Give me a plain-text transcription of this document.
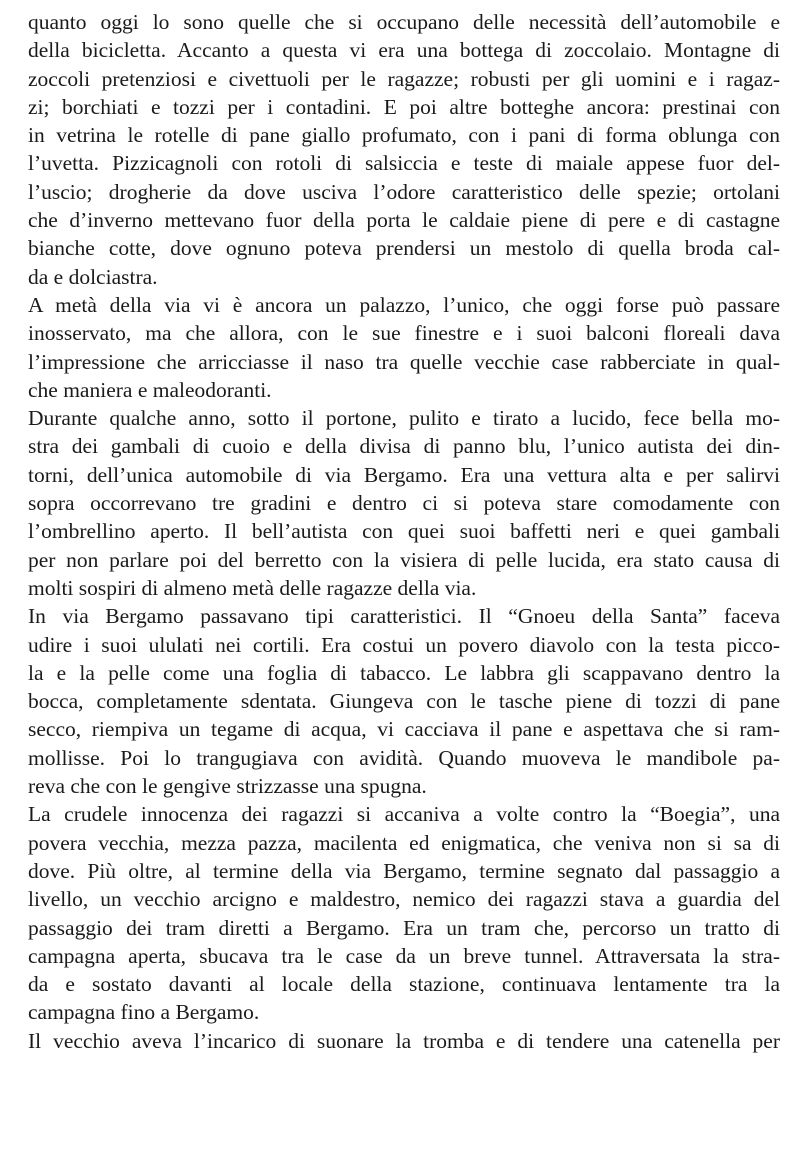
quanto oggi lo sono quelle che si occupano delle necessità dell’automobile e
della bicicletta. Accanto a questa vi era una bottega di zoccolaio. Montagne di
zoccoli pretenziosi e civettuoli per le ragazze; robusti per gli uomini e i ragaz-
zi; borchiati e tozzi per i contadini. E poi altre botteghe ancora: prestinai con
in vetrina le rotelle di pane giallo profumato, con i pani di forma oblunga con
l’uvetta. Pizzicagnoli con rotoli di salsiccia e teste di maiale appese fuor del-
l’uscio; drogherie da dove usciva l’odore caratteristico delle spezie; ortolani
che d’inverno mettevano fuor della porta le caldaie piene di pere e di castagne
bianche cotte, dove ognuno poteva prendersi un mestolo di quella broda cal-
da e dolciastra.
A metà della via vi è ancora un palazzo, l’unico, che oggi forse può passare
inosservato, ma che allora, con le sue finestre e i suoi balconi floreali dava
l’impressione che arricciasse il naso tra quelle vecchie case rabberciate in qual-
che maniera e maleodoranti.
Durante qualche anno, sotto il portone, pulito e tirato a lucido, fece bella mo-
stra dei gambali di cuoio e della divisa di panno blu, l’unico autista dei din-
torni, dell’unica automobile di via Bergamo. Era una vettura alta e per salirvi
sopra occorrevano tre gradini e dentro ci si poteva stare comodamente con
l’ombrellino aperto. Il bell’autista con quei suoi baffetti neri e quei gambali
per non parlare poi del berretto con la visiera di pelle lucida, era stato causa di
molti sospiri di almeno metà delle ragazze della via.
In via Bergamo passavano tipi caratteristici. Il “Gnoeu della Santa” faceva
udire i suoi ululati nei cortili. Era costui un povero diavolo con la testa picco-
la e la pelle come una foglia di tabacco. Le labbra gli scappavano dentro la
bocca, completamente sdentata. Giungeva con le tasche piene di tozzi di pane
secco, riempiva un tegame di acqua, vi cacciava il pane e aspettava che si ram-
mollisse. Poi lo trangugiava con avidità. Quando muoveva le mandibole pa-
reva che con le gengive strizzasse una spugna.
La crudele innocenza dei ragazzi si accaniva a volte contro la “Boegia”, una
povera vecchia, mezza pazza, macilenta ed enigmatica, che veniva non si sa di
dove. Più oltre, al termine della via Bergamo, termine segnato dal passaggio a
livello, un vecchio arcigno e maldestro, nemico dei ragazzi stava a guardia del
passaggio dei tram diretti a Bergamo. Era un tram che, percorso un tratto di
campagna aperta, sbucava tra le case da un breve tunnel. Attraversata la stra-
da e sostato davanti al locale della stazione, continuava lentamente tra la
campagna fino a Bergamo.
Il vecchio aveva l’incarico di suonare la tromba e di tendere una catenella per
